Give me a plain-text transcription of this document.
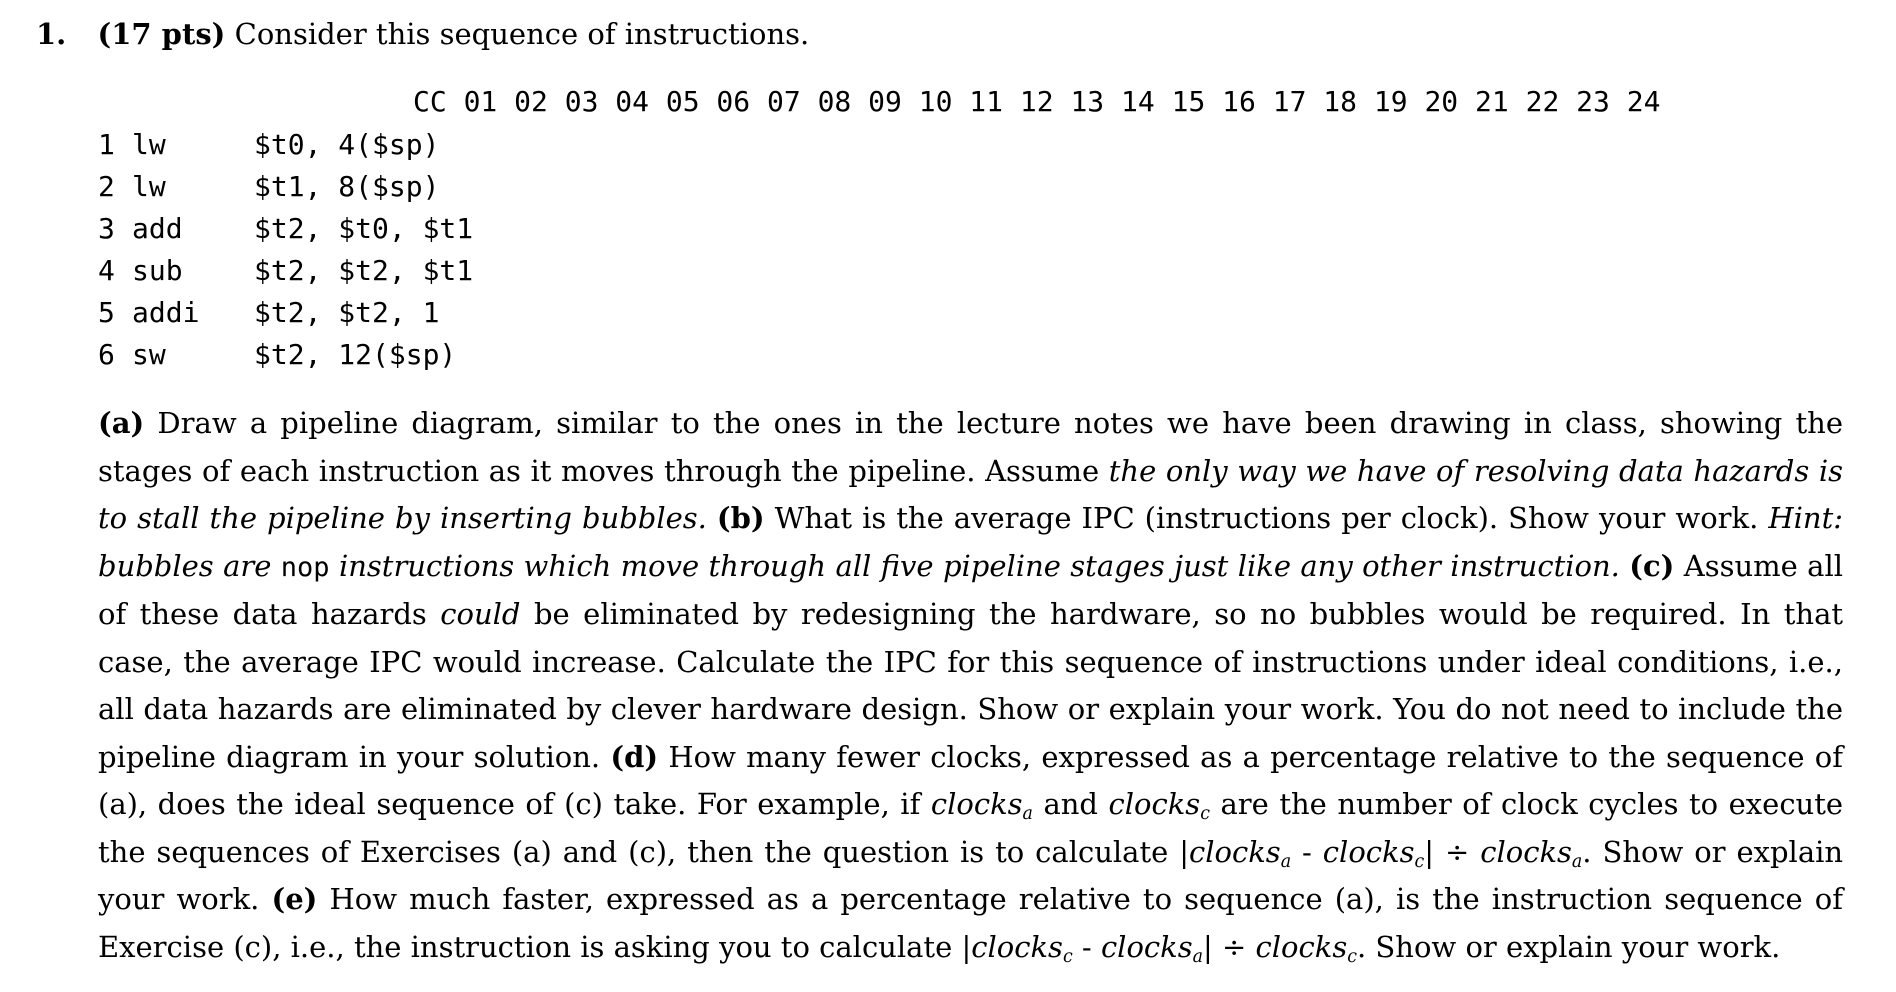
1. (17 pts) Consider this sequence of instructions.
CC 01 02 03 04 05 06 07 08 09 10 11 12 13 14 15 16 17 18 19 20 21 22 23 24
1 lw	$t0, 4($sp)
2 lw	$t1, 8($sp)
3 add	$t2, $t0, $t1
4 sub	$t2, $t2, $t1
5 addi $t2, $t2, 1
6 sw	$t2, 12($sp)
(a) Draw a pipeline diagram, similar to the ones in the lecture notes we have been drawing in class, showing the stages of each instruction as it moves through the pipeline. Assume the only way we have of resolving data hazards is to stall the pipeline by inserting bubbles. (b) What is the average IPC (instructions per clock). Show your work. Hint: bubbles are nop instructions which move through all five pipeline stages just like any other instruction. (c) Assume all of these data hazards could be eliminated by redesigning the hardware, so no bubbles would be required. In that case, the average IPC would increase. Calculate the IPC for this sequence of instructions under ideal conditions, i.e., all data hazards are eliminated by clever hardware design. Show or explain your work. You do not need to include the pipeline diagram in your solution. (d) How many fewer clocks, expressed as a percentage relative to the sequence of (a), does the ideal sequence of (c) take. For example, if clocks$_a$ and clocks$_c$ are the number of clock cycles to execute the sequences of Exercises (a) and (c), then the question is to calculate |clocks$_a$ - clocks$_c$| ÷ clocks$_a$. Show or explain your work. (e) How much faster, expressed as a percentage relative to sequence (a), is the instruction sequence of Exercise (c), i.e., the instruction is asking you to calculate |clocks$_c$ - clocks$_a$| ÷ clocks$_c$. Show or explain your work.
